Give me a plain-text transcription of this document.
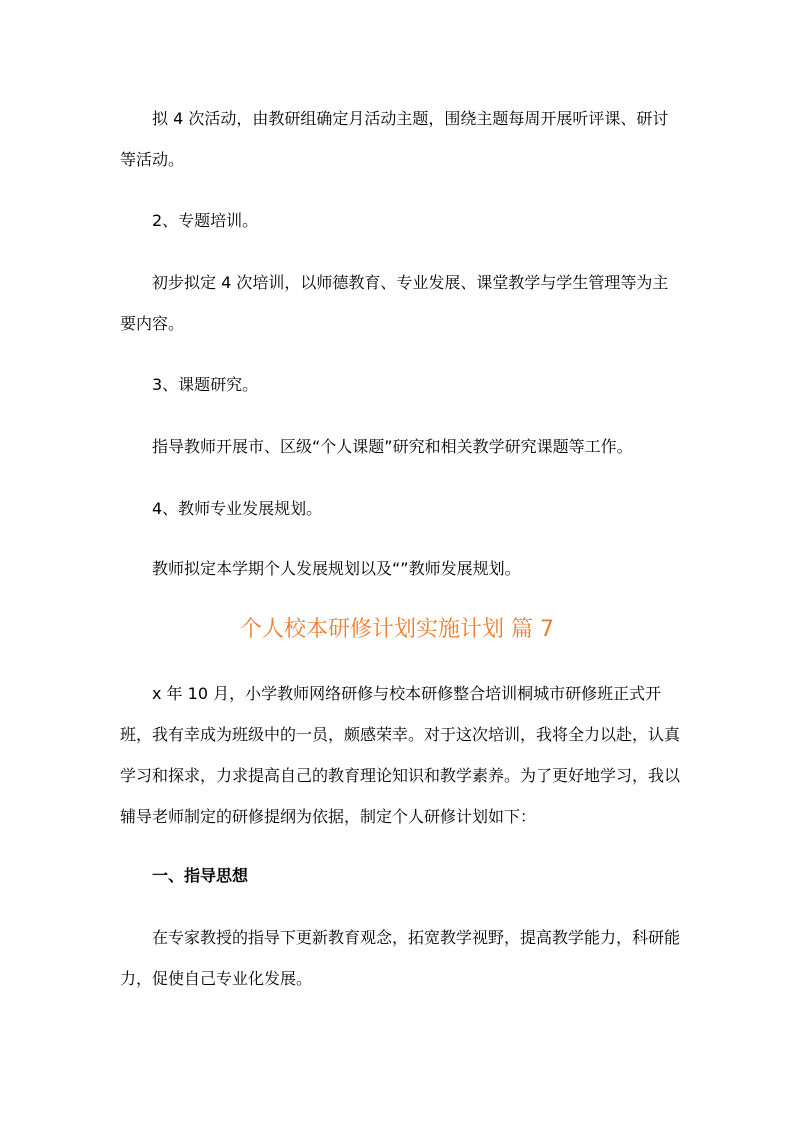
拟 4 次活动，由教研组确定月活动主题，围绕主题每周开展听评课、研讨等活动。

2、专题培训。

初步拟定 4 次培训，以师德教育、专业发展、课堂教学与学生管理等为主要内容。

3、课题研究。

指导教师开展市、区级“个人课题”研究和相关教学研究课题等工作。

4、教师专业发展规划。

教师拟定本学期个人发展规划以及“”教师发展规划。

个人校本研修计划实施计划 篇 7

x 年 10 月，小学教师网络研修与校本研修整合培训桐城市研修班正式开班，我有幸成为班级中的一员，颇感荣幸。对于这次培训，我将全力以赴，认真学习和探求，力求提高自己的教育理论知识和教学素养。为了更好地学习，我以辅导老师制定的研修提纲为依据，制定个人研修计划如下：

一、指导思想

在专家教授的指导下更新教育观念，拓宽教学视野，提高教学能力，科研能力，促使自己专业化发展。
